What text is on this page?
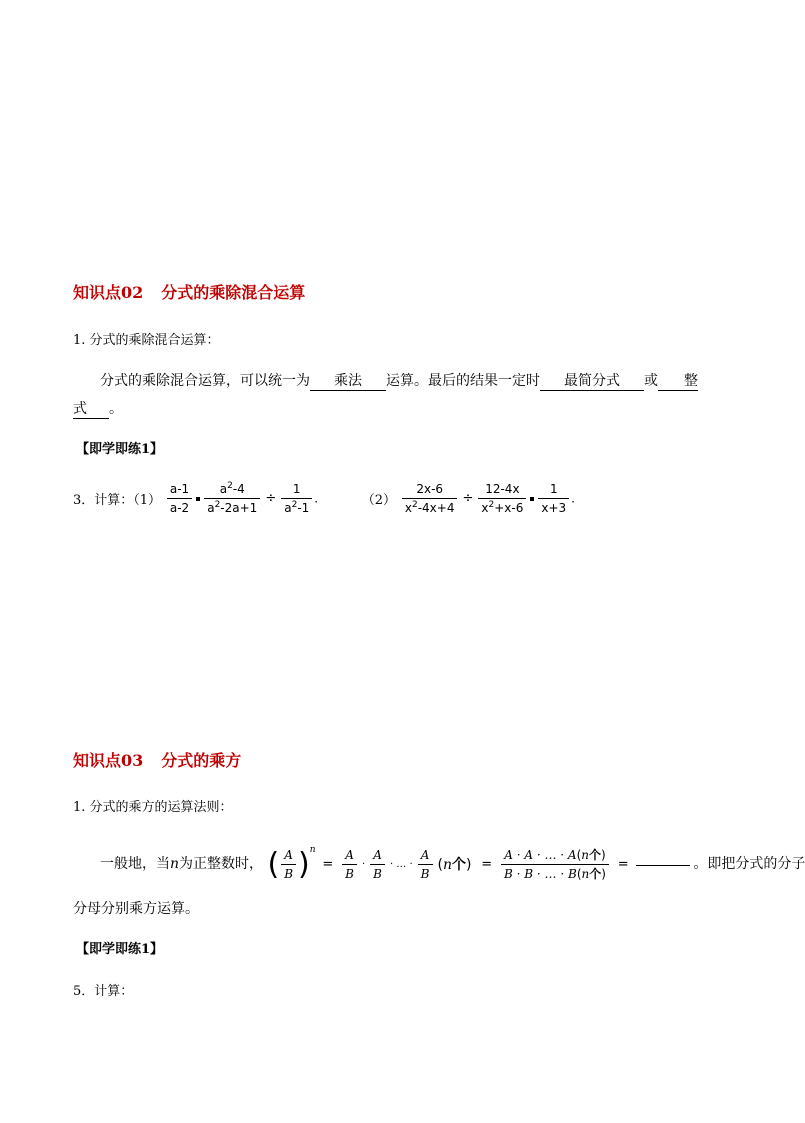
知识点02 分式的乘除混合运算
1. 分式的乘除混合运算：
分式的乘除混合运算，可以统一为 乘法 运算。最后的结果一定时 最简分式 或 整
式 。
【即学即练1】
3．计算：$(1) \frac{a-1}{a-2} \frac{a^2-4}{a^2-2a+1} \div \frac{1}{a^2-1}$ .	$(2) \frac{2x-6}{x^2-4x+4} \div \frac{12-4x}{x^2+x-6} \frac{1}{x+3}$ .
知识点03 分式的乘方
1. 分式的乘方的运算法则：
一般地，当n为正整数时， ( $\frac{A}{B} )^n = \frac{A}{B} \cdot \frac{A}{B}$ · … · $\frac{A}{B} (n$个) = $\frac{\text{A · A · … · A(n个)}}{\text{B · B · … · B(n个)}}$ =	。即把分式的分子
分母分别乘方运算。
【即学即练1】
5．计算：
